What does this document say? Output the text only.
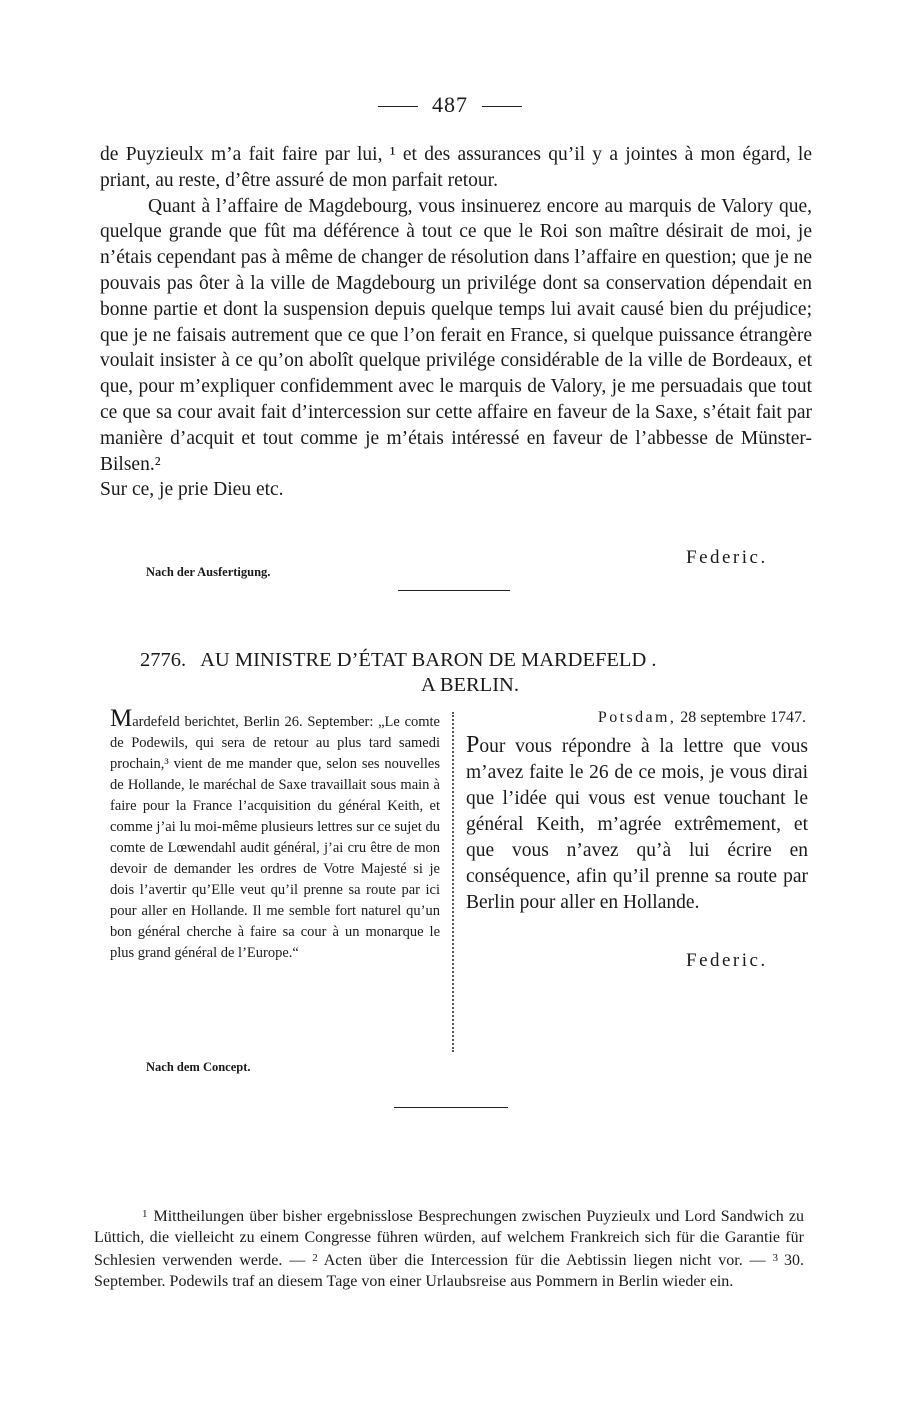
487

de Puyzieulx m’a fait faire par lui, ¹ et des assurances qu’il y a jointes à mon égard, le priant, au reste, d’être assuré de mon parfait retour.

Quant à l’affaire de Magdebourg, vous insinuerez encore au marquis de Valory que, quelque grande que fût ma déférence à tout ce que le Roi son maître désirait de moi, je n’étais cependant pas à même de changer de résolution dans l’affaire en question; que je ne pouvais pas ôter à la ville de Magdebourg un privilége dont sa conservation dépendait en bonne partie et dont la suspension depuis quelque temps lui avait causé bien du préjudice; que je ne faisais autrement que ce que l’on ferait en France, si quelque puissance étrangère voulait insister à ce qu’on abolît quelque privilége considérable de la ville de Bordeaux, et que, pour m’expliquer confidemment avec le marquis de Valory, je me persuadais que tout ce que sa cour avait fait d’intercession sur cette affaire en faveur de la Saxe, s’était fait par manière d’acquit et tout comme je m’étais intéressé en faveur de l’abbesse de Münster-Bilsen.²

Sur ce, je prie Dieu etc.

Federic.
Nach der Ausfertigung.
2776. AU MINISTRE D’ÉTAT BARON DE MARDEFELD .
A BERLIN.
Mardefeld berichtet, Berlin 26. September: „Le comte de Podewils, qui sera de retour au plus tard samedi prochain,³ vient de me mander que, selon ses nouvelles de Hollande, le maréchal de Saxe travaillait sous main à faire pour la France l’acquisition du général Keith, et comme j’ai lu moi-même plusieurs lettres sur ce sujet du comte de Lœwendahl audit général, j’ai cru être de mon devoir de demander les ordres de Votre Majesté si je dois l’avertir qu’Elle veut qu’il prenne sa route par ici pour aller en Hollande. Il me semble fort naturel qu’un bon général cherche à faire sa cour à un monarque le plus grand général de l’Europe.“
Potsdam, 28 septembre 1747.
Pour vous répondre à la lettre que vous m’avez faite le 26 de ce mois, je vous dirai que l’idée qui vous est venue touchant le général Keith, m’agrée extrêmement, et que vous n’avez qu’à lui écrire en conséquence, afin qu’il prenne sa route par Berlin pour aller en Hollande.
Federic.
Nach dem Concept.

$^1$ Mittheilungen über bisher ergebnisslose Besprechungen zwischen Puyzieulx und Lord Sandwich zu Lüttich, die vielleicht zu einem Congresse führen würden, auf welchem Frankreich sich für die Garantie für Schlesien verwenden werde. — $^2$ Acten über die Intercession für die Aebtissin liegen nicht vor. — $^3$ 30. September. Podewils traf an diesem Tage von einer Urlaubsreise aus Pommern in Berlin wieder ein.
